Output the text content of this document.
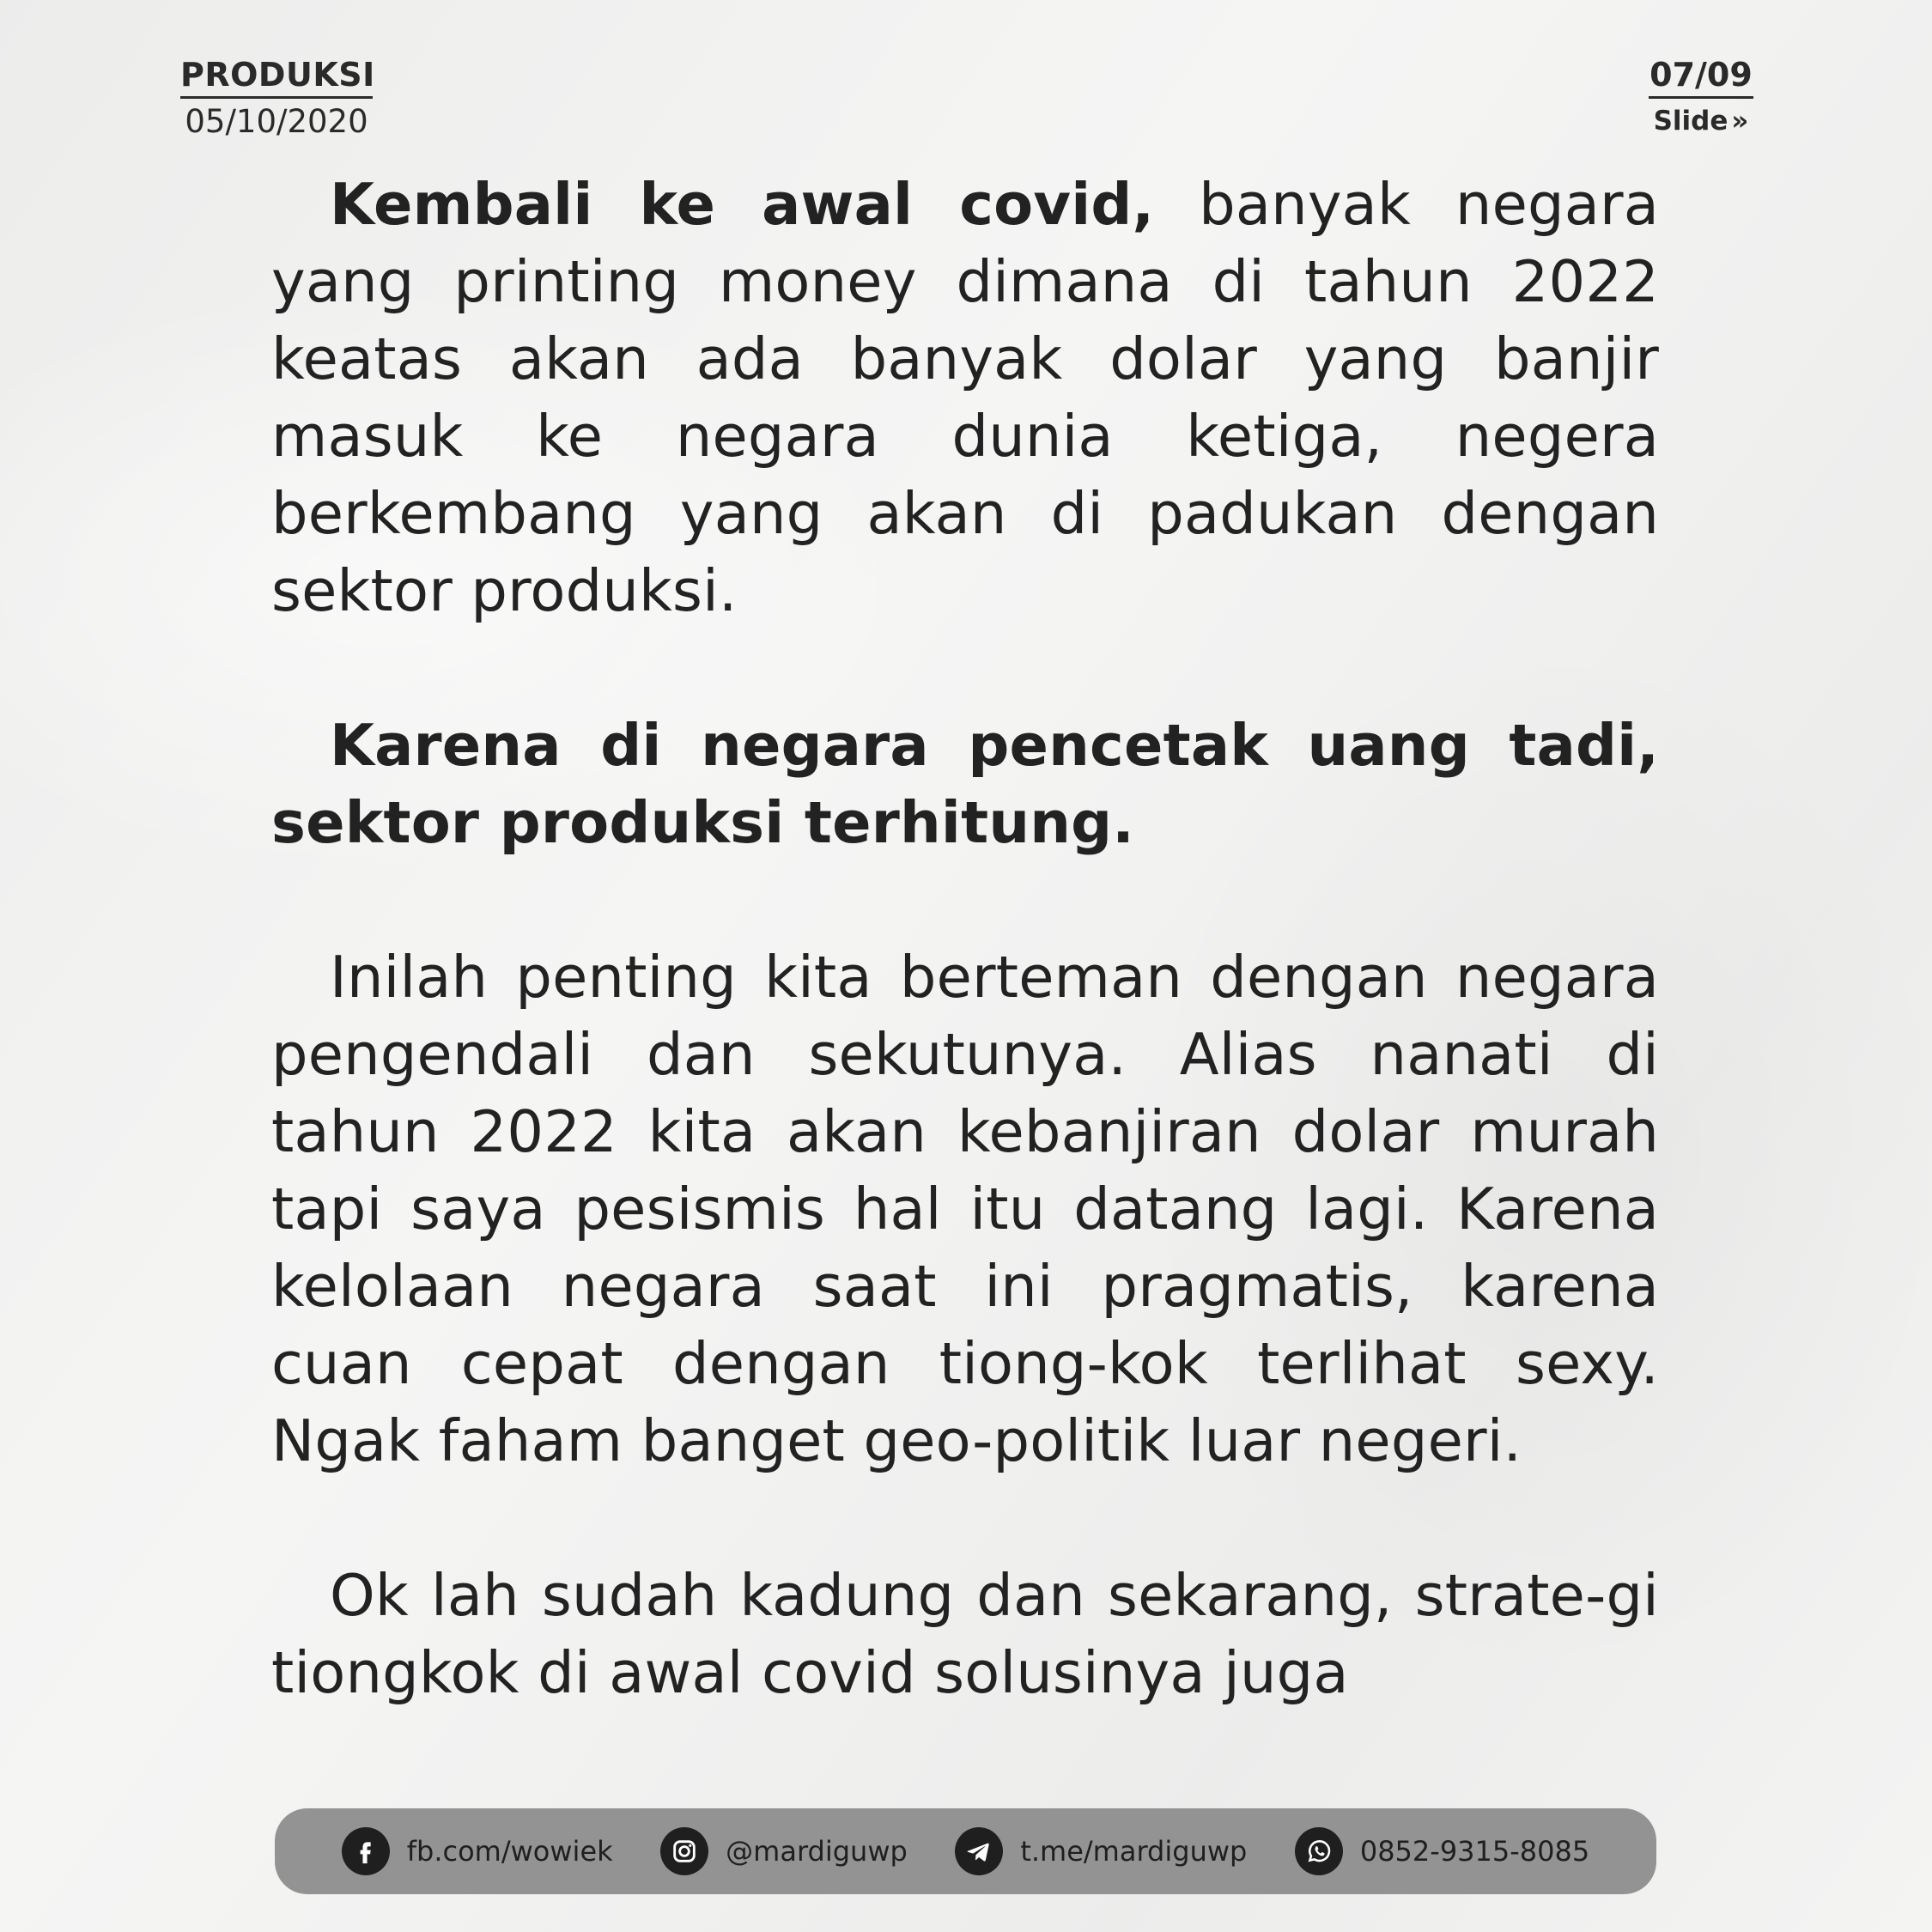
PRODUKSI
05/10/2020
07/09
Slide »

Kembali ke awal covid, banyak negara yang printing money dimana di tahun 2022 keatas akan ada banyak dolar yang banjir masuk ke negara dunia ketiga, negera berkembang yang akan di padukan dengan sektor produksi.

Karena di negara pencetak uang tadi, sektor produksi terhitung.

Inilah penting kita berteman dengan negara pengendali dan sekutunya. Alias nanati di tahun 2022 kita akan kebanjiran dolar murah tapi saya pesismis hal itu datang lagi. Karena kelolaan negara saat ini pragmatis, karena cuan cepat dengan tiong-kok terlihat sexy. Ngak faham banget geo-politik luar negeri.

Ok lah sudah kadung dan sekarang, strate-gi tiongkok di awal covid solusinya juga

fb.com/wowiek	@mardiguwp	t.me/mardiguwp	0852-9315-8085
